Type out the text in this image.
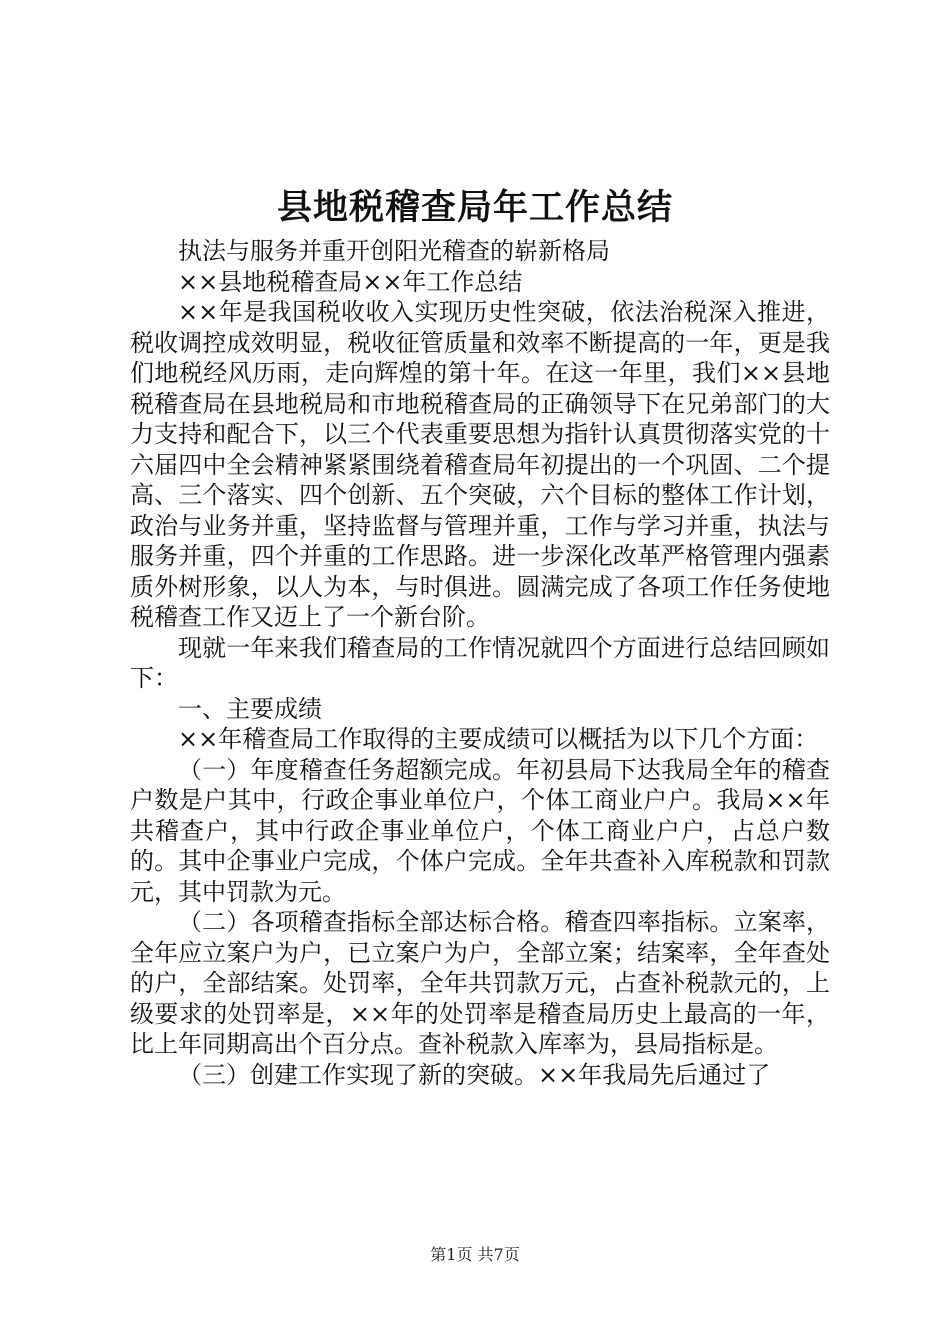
县地税稽查局年工作总结

执法与服务并重开创阳光稽查的崭新格局

××县地税稽查局××年工作总结

××年是我国税收收入实现历史性突破，依法治税深入推进，税收调控成效明显，税收征管质量和效率不断提高的一年，更是我们地税经风历雨，走向辉煌的第十年。在这一年里，我们××县地税稽查局在县地税局和市地税稽查局的正确领导下在兄弟部门的大力支持和配合下，以三个代表重要思想为指针认真贯彻落实党的十六届四中全会精神紧紧围绕着稽查局年初提出的一个巩固、二个提高、三个落实、四个创新、五个突破，六个目标的整体工作计划，政治与业务并重，坚持监督与管理并重，工作与学习并重，执法与服务并重，四个并重的工作思路。进一步深化改革严格管理内强素质外树形象，以人为本，与时俱进。圆满完成了各项工作任务使地税稽查工作又迈上了一个新台阶。

现就一年来我们稽查局的工作情况就四个方面进行总结回顾如下：

一、主要成绩

××年稽查局工作取得的主要成绩可以概括为以下几个方面：

（一）年度稽查任务超额完成。年初县局下达我局全年的稽查户数是户其中，行政企事业单位户，个体工商业户户。我局××年共稽查户，其中行政企事业单位户，个体工商业户户，占总户数的。其中企事业户完成，个体户完成。全年共查补入库税款和罚款元，其中罚款为元。

（二）各项稽查指标全部达标合格。稽查四率指标。立案率，全年应立案户为户，已立案户为户，全部立案；结案率，全年查处的户，全部结案。处罚率，全年共罚款万元，占查补税款元的，上级要求的处罚率是，××年的处罚率是稽查局历史上最高的一年，比上年同期高出个百分点。查补税款入库率为，县局指标是。

（三）创建工作实现了新的突破。××年我局先后通过了

第1页 共7页
